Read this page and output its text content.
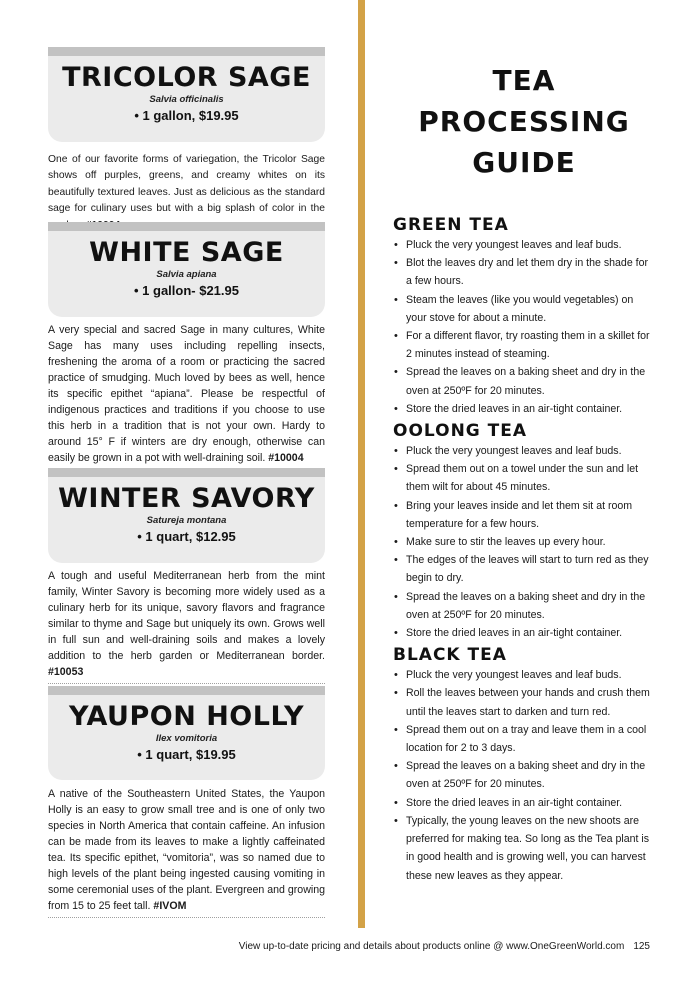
TRICOLOR SAGE
Salvia officinalis
• 1 gallon, $19.95

One of our favorite forms of variegation, the Tricolor Sage shows off purples, greens, and creamy whites on its beautifully textured leaves. Just as delicious as the standard sage for culinary uses but with a big splash of color in the

WHITE SAGE
Salvia apiana
• 1 gallon- $21.95

A very special and sacred Sage in many cultures, White Sage has many uses including repelling insects, freshening the aroma of a room or practicing the sacred practice of smudging. Much loved by bees as well, hence its specific epithet “apiana”. Please be respectful of indigenous practices and traditions if you choose to use this herb in a tradition that is not your own. Hardy to around 15° F if winters are dry enough, otherwise can easily be grown in a pot with well-draining soil. #10004

WINTER SAVORY
Satureja montana
• 1 quart, $12.95

A tough and useful Mediterranean herb from the mint family, Winter Savory is becoming more widely used as a culinary herb for its unique, savory flavors and fragrance similar to thyme and Sage but uniquely its own. Grows well in full sun and well-draining soils and makes a lovely addition to the herb garden or Mediterranean border. #10053

YAUPON HOLLY
Ilex vomitoria
• 1 quart, $19.95

A native of the Southeastern United States, the Yaupon Holly is an easy to grow small tree and is one of only two species in North America that contain caffeine. An infusion can be made from its leaves to make a lightly caffeinated tea. Its specific epithet, “vomitoria”, was so named due to high levels of the plant being ingested causing vomiting in some ceremonial uses of the plant. Evergreen and growing from 15 to 25 feet tall. #IVOM

TEA PROCESSING
GUIDE
GREEN TEA
• Pluck the very youngest leaves and leaf buds.
• Blot the leaves dry and let them dry in the shade for a few hours.
• Steam the leaves (like you would vegetables) on your stove for about a minute.
• For a different flavor, try roasting them in a skillet for 2 minutes instead of steaming.
• Spread the leaves on a baking sheet and dry in the oven at 250ºF for 20 minutes.
• Store the dried leaves in an air-tight container.
OOLONG TEA
• Pluck the very youngest leaves and leaf buds.
• Spread them out on a towel under the sun and let them wilt for about 45 minutes.
• Bring your leaves inside and let them sit at room temperature for a few hours.
• Make sure to stir the leaves up every hour.
• The edges of the leaves will start to turn red as they begin to dry.
• Spread the leaves on a baking sheet and dry in the oven at 250ºF for 20 minutes.
• Store the dried leaves in an air-tight container.
BLACK TEA
• Pluck the very youngest leaves and leaf buds.
• Roll the leaves between your hands and crush them until the leaves start to darken and turn red.
• Spread them out on a tray and leave them in a cool location for 2 to 3 days.
• Spread the leaves on a baking sheet and dry in the oven at 250ºF for 20 minutes.
• Store the dried leaves in an air-tight container.
• Typically, the young leaves on the new shoots are preferred for making tea. So long as the Tea plant is in good health and is growing well, you can harvest these new leaves as they appear.
View up-to-date pricing and details about products online @ www.OneGreenWorld.com 125
